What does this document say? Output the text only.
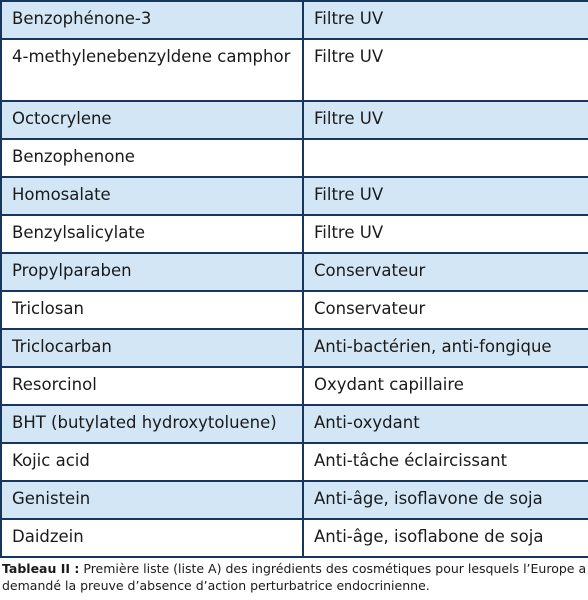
Benzophénone-3	Filtre UV
4-methylenebenzyldene camphor	Filtre UV
Octocrylene	Filtre UV
Benzophenone	
Homosalate	Filtre UV
Benzylsalicylate	Filtre UV
Propylparaben	Conservateur
Triclosan	Conservateur
Triclocarban	Anti-bactérien, anti-fongique
Resorcinol	Oxydant capillaire
BHT (butylated hydroxytoluene)	Anti-oxydant
Kojic acid	Anti-tâche éclaircissant
Genistein	Anti-âge, isoflavone de soja
Daidzein	Anti-âge, isoflabone de soja
Tableau II : Première liste (liste A) des ingrédients des cosmétiques pour lesquels l’Europe a demandé la preuve d’absence d’action perturbatrice endocrinienne.
